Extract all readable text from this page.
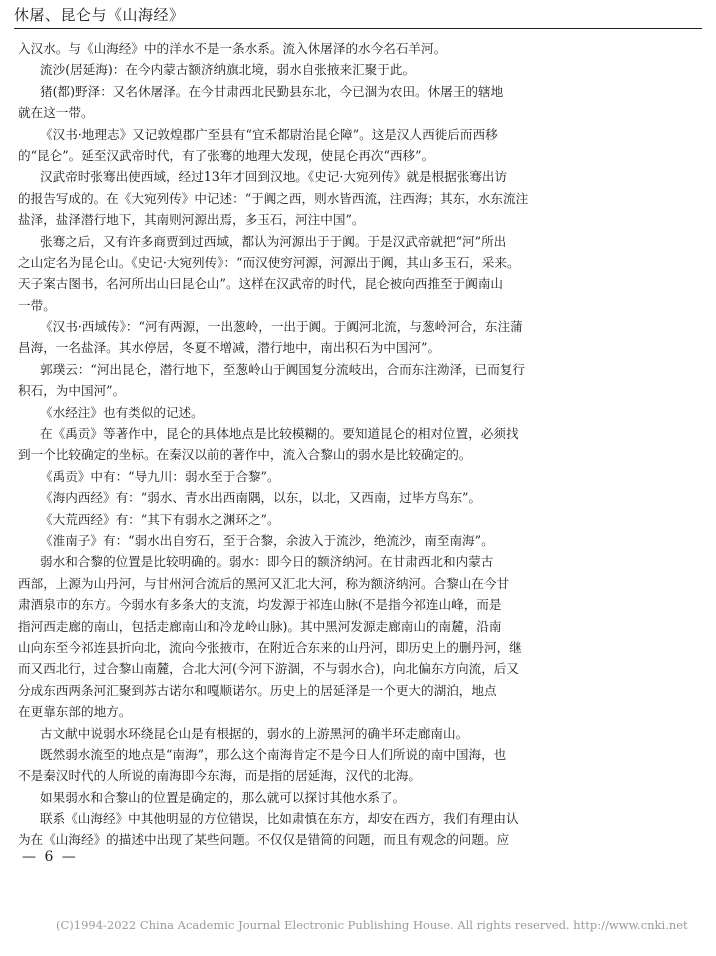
休屠、昆仑与《山海经》
入汉水。与《山海经》中的洋水不是一条水系。流入休屠泽的水今名石羊河。
流沙(居延海)：在今内蒙古额济纳旗北境，弱水自张掖来汇聚于此。
猪(都)野泽：又名休屠泽。在今甘肃西北民勤县东北，今已涸为农田。休屠王的辖地
就在这一带。
《汉书·地理志》又记敦煌郡广至县有“宜禾都尉治昆仑障”。这是汉人西徙后而西移
的“昆仑”。延至汉武帝时代，有了张骞的地理大发现，使昆仑再次“西移”。
汉武帝时张骞出使西域，经过13年才回到汉地。《史记·大宛列传》就是根据张骞出访
的报告写成的。在《大宛列传》中记述：“于阗之西，则水皆西流，注西海；其东，水东流注
盐泽，盐泽潜行地下，其南则河源出焉，多玉石，河注中国”。
张骞之后，又有许多商贾到过西域，都认为河源出于于阗。于是汉武帝就把“河”所出
之山定名为昆仑山。《史记·大宛列传》：“而汉使穷河源，河源出于阗，其山多玉石，采来。
天子案古图书，名河所出山曰昆仑山”。这样在汉武帝的时代，昆仑被向西推至于阗南山
一带。
《汉书·西域传》：“河有两源，一出葱岭，一出于阗。于阗河北流，与葱岭河合，东注蒲
昌海，一名盐泽。其水停居，冬夏不增减，潜行地中，南出积石为中国河”。
郭璞云：“河出昆仑，潜行地下，至葱岭山于阗国复分流岐出，合而东注泑泽，已而复行
积石，为中国河”。
《水经注》也有类似的记述。
在《禹贡》等著作中，昆仑的具体地点是比较模糊的。要知道昆仑的相对位置，必须找
到一个比较确定的坐标。在秦汉以前的著作中，流入合黎山的弱水是比较确定的。
《禹贡》中有：“导九川：弱水至于合黎”。
《海内西经》有：“弱水、青水出西南隅，以东，以北，又西南，过毕方鸟东”。
《大荒西经》有：“其下有弱水之渊环之”。
《淮南子》有：“弱水出自穷石，至于合黎，余波入于流沙，绝流沙，南至南海”。
弱水和合黎的位置是比较明确的。弱水：即今日的额济纳河。在甘肃西北和内蒙古
西部，上源为山丹河，与甘州河合流后的黑河又汇北大河，称为额济纳河。合黎山在今甘
肃酒泉市的东方。今弱水有多条大的支流，均发源于祁连山脉(不是指今祁连山峰，而是
指河西走廊的南山，包括走廊南山和冷龙岭山脉)。其中黑河发源走廊南山的南麓，沿南
山向东至今祁连县折向北，流向今张掖市，在附近合东来的山丹河，即历史上的删丹河，继
而又西北行，过合黎山南麓，合北大河(今河下游涸，不与弱水合)，向北偏东方向流，后又
分成东西两条河汇聚到苏古诺尔和嘎顺诺尔。历史上的居延泽是一个更大的湖泊，地点
在更靠东部的地方。
古文献中说弱水环绕昆仑山是有根据的，弱水的上游黑河的确半环走廊南山。
既然弱水流至的地点是“南海”，那么这个南海肯定不是今日人们所说的南中国海，也
不是秦汉时代的人所说的南海即今东海，而是指的居延海，汉代的北海。
如果弱水和合黎山的位置是确定的，那么就可以探讨其他水系了。
联系《山海经》中其他明显的方位错误，比如肃慎在东方，却安在西方，我们有理由认
为在《山海经》的描述中出现了某些问题。不仅仅是错简的问题，而且有观念的问题。应
— 6 —
(C)1994-2022 China Academic Journal Electronic Publishing House. All rights reserved. http://www.cnki.net
